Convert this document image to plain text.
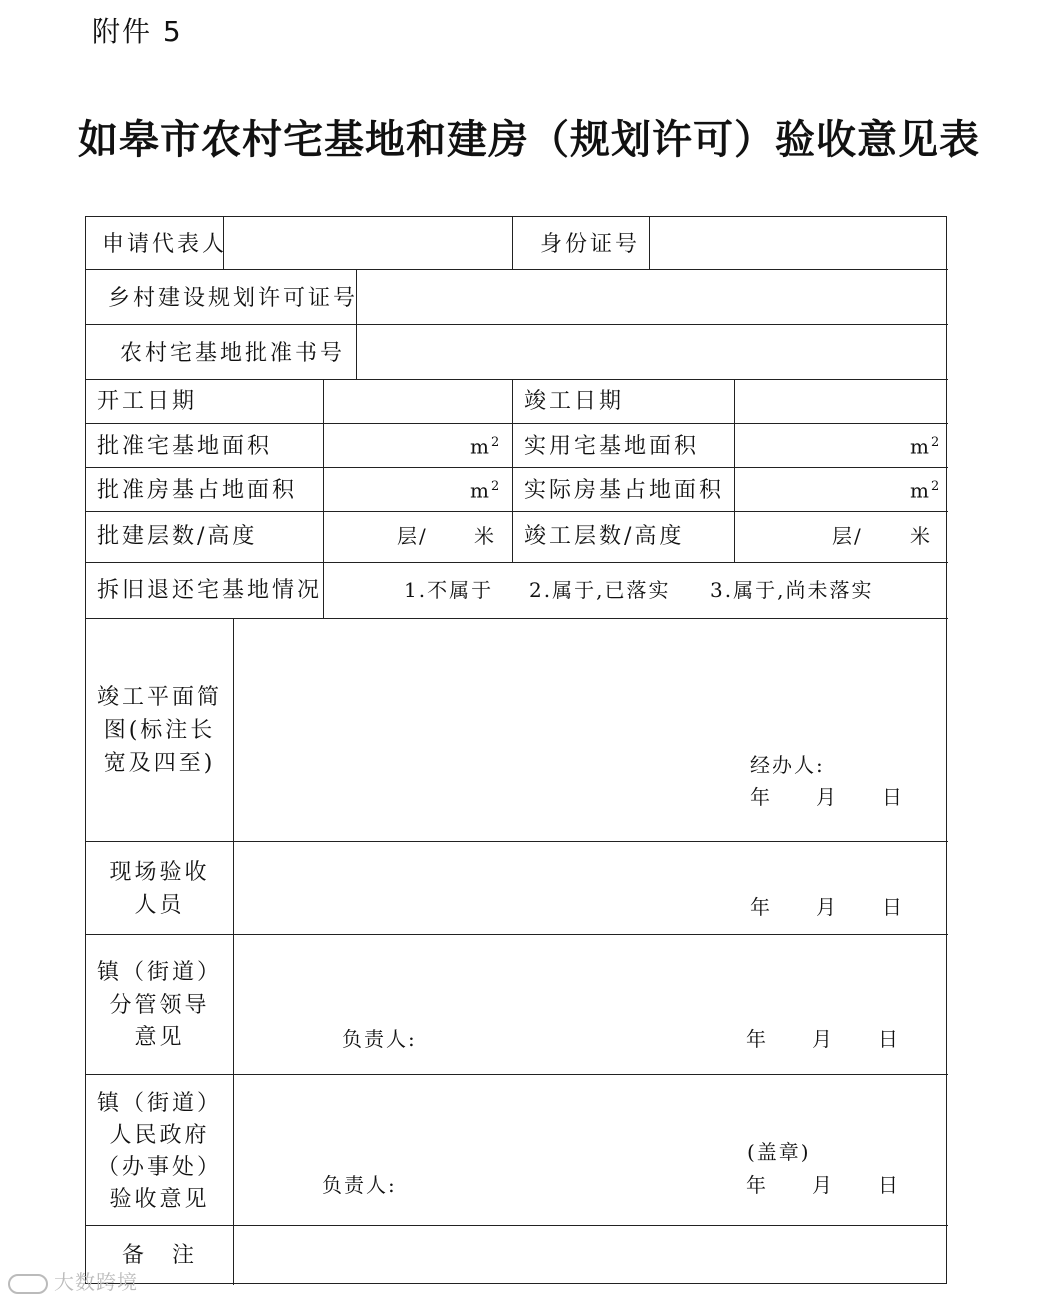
附件 5
如皋市农村宅基地和建房（规划许可）验收意见表
申请代表人	身份证号
乡村建设规划许可证号
农村宅基地批准书号
开工日期	竣工日期
批准宅基地面积	$m^2$ 实用宅基地面积	$m^2$
批准房基占地面积	$m^2$ 实际房基占地面积	$m^2$
批建层数/高度	层/ 米 竣工层数/高度	层/ 米
拆旧退还宅基地情况	1.不属于 2.属于,已落实 3.属于,尚未落实
竣工平面简
图(标注长
宽及四至)	经办人:
年　　月　　日
现场验收
人员	年　　月　　日
镇（街道）
分管领导
意见	负责人:	年　　月　　日
镇（街道）
人民政府
（办事处）
验收意见
(盖章)
负责人:	年　　月　　日
备　注
大数跨境
